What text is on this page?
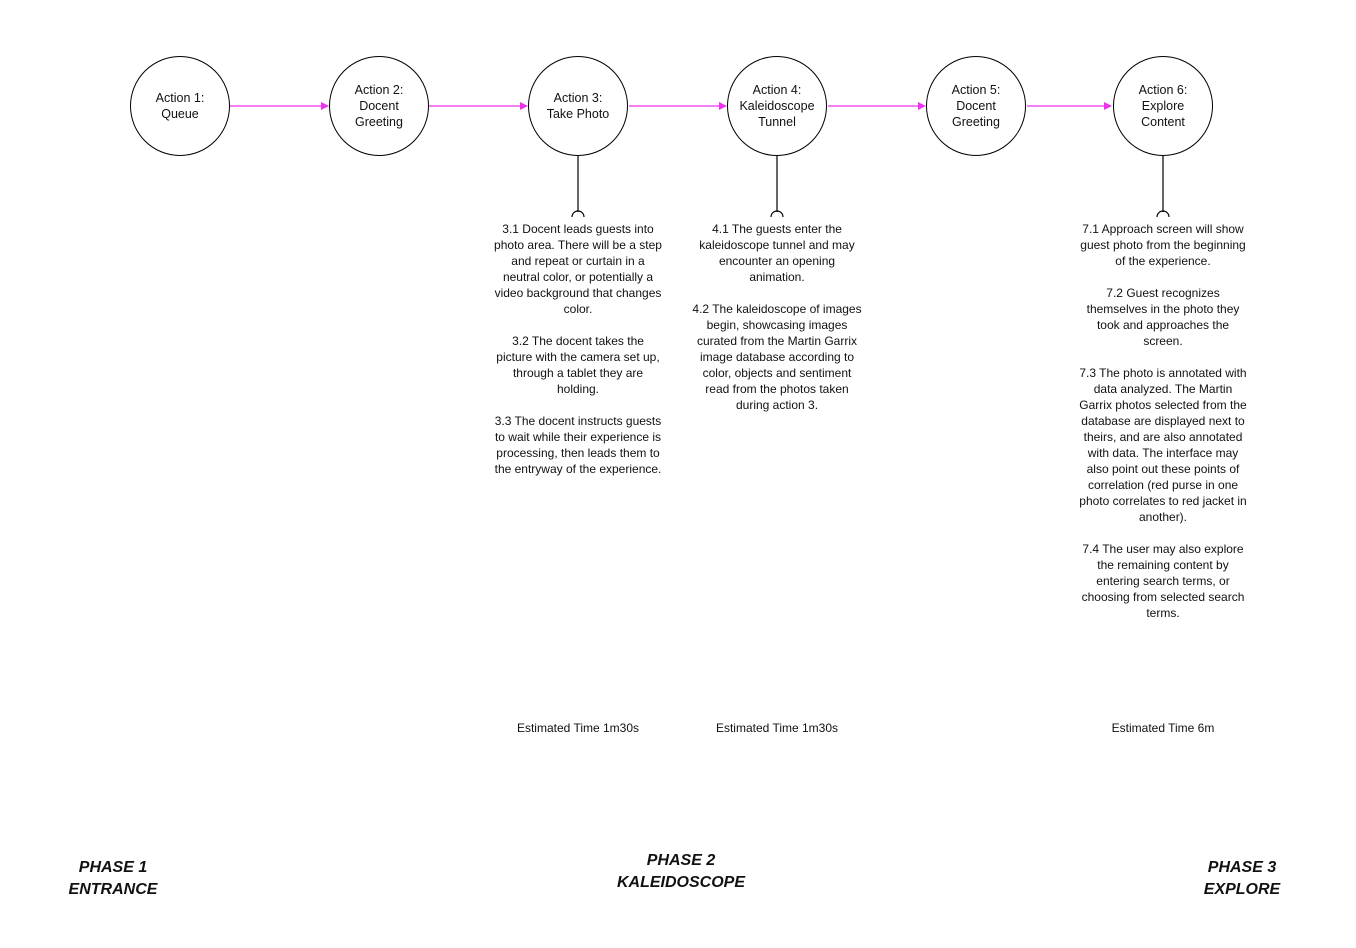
Action 1:
Queue
Action 2:
Docent
Greeting
Action 3:
Take Photo
Action 4:
Kaleidoscope
Tunnel
Action 5:
Docent
Greeting
Action 6:
Explore
Content

3.1 Docent leads guests into photo area. There will be a step and repeat or curtain in a neutral color, or potentially a video background that changes color.

3.2 The docent takes the picture with the camera set up, through a tablet they are holding.

3.3 The docent instructs guests to wait while their experience is processing, then leads them to the entryway of the experience.

4.1 The guests enter the kaleidoscope tunnel and may encounter an opening animation.

4.2 The kaleidoscope of images begin, showcasing images curated from the Martin Garrix image database according to color, objects and sentiment read from the photos taken during action 3.

7.1 Approach screen will show guest photo from the beginning of the experience.

7.2 Guest recognizes themselves in the photo they took and approaches the screen.

7.3 The photo is annotated with data analyzed. The Martin Garrix photos selected from the database are displayed next to theirs, and are also annotated with data. The interface may also point out these points of correlation (red purse in one photo correlates to red jacket in another).

7.4 The user may also explore the remaining content by entering search terms, or choosing from selected search terms.

Estimated Time 1m30s	Estimated Time 1m30s	Estimated Time 6m
PHASE 1
ENTRANCE
PHASE 2
KALEIDOSCOPE
PHASE 3
EXPLORE
